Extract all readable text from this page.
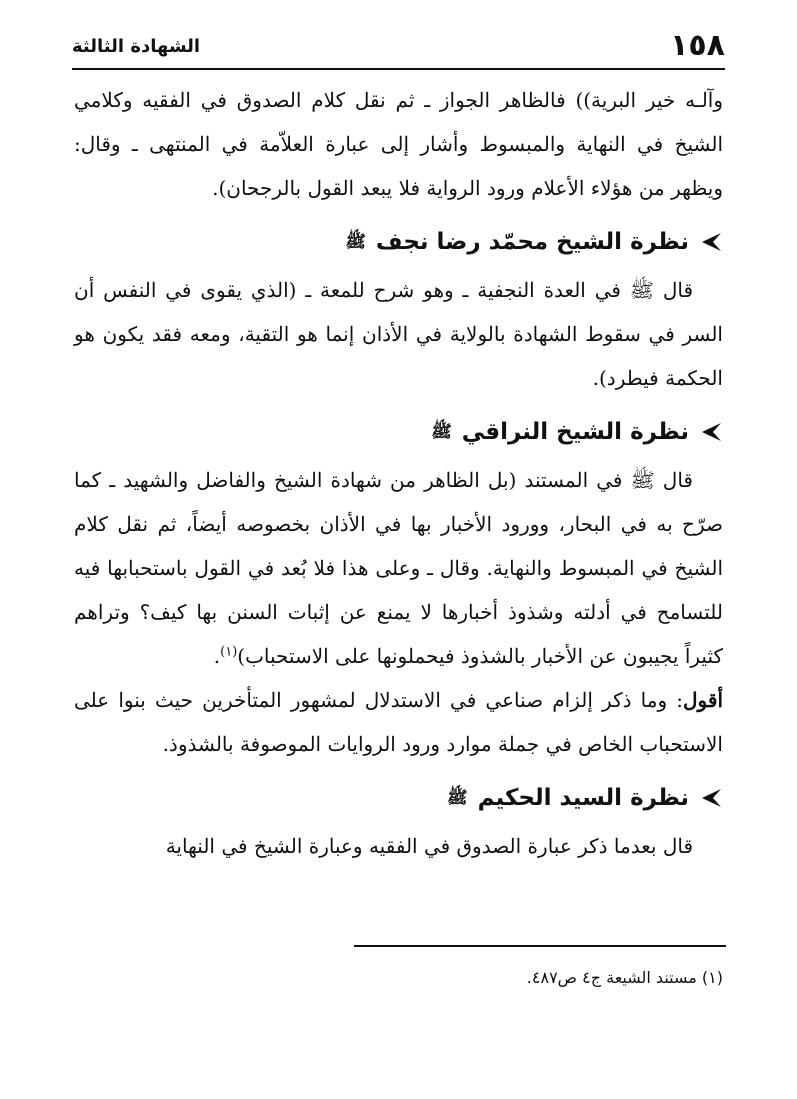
١٥٨
الشهادة الثالثة

وآلـه خير البرية)) فالظاهر الجواز ـ ثم نقل كلام الصدوق في الفقيه وكلامي الشيخ في النهاية والمبسوط وأشار إلى عبارة العلاّمة في المنتهى ـ وقال: ويظهر من هؤلاء الأعلام ورود الرواية فلا يبعد القول بالرجحان).

نظرة الشيخ محمّد رضا نجف
ﷺ

قال ﷺ في العدة النجفية ـ وهو شرح للمعة ـ (الذي يقوى في النفس أن السر في سقوط الشهادة بالولاية في الأذان إنما هو التقية، ومعه فقد يكون هو الحكمة فيطرد).

نظرة الشيخ النراقي
ﷺ

قال ﷺ في المستند (بل الظاهر من شهادة الشيخ والفاضل والشهيد ـ كما صرّح به في البحار، وورود الأخبار بها في الأذان بخصوصه أيضاً، ثم نقل كلام الشيخ في المبسوط والنهاية. وقال ـ وعلى هذا فلا بُعد في القول باستحبابها فيه للتسامح في أدلته وشذوذ أخبارها لا يمنع عن إثبات السنن بها كيف؟ وتراهم كثيراً يجيبون عن الأخبار بالشذوذ فيحملونها على الاستحباب)$^{(١)}$.

أقول: وما ذكر إلزام صناعي في الاستدلال لمشهور المتأخرين حيث بنوا على الاستحباب الخاص في جملة موارد ورود الروايات الموصوفة بالشذوذ.

نظرة السيد الحكيم
ﷺ

قال بعدما ذكر عبارة الصدوق في الفقيه وعبارة الشيخ في النهاية

(١) مستند الشيعة ج٤ ص٤٨٧.
